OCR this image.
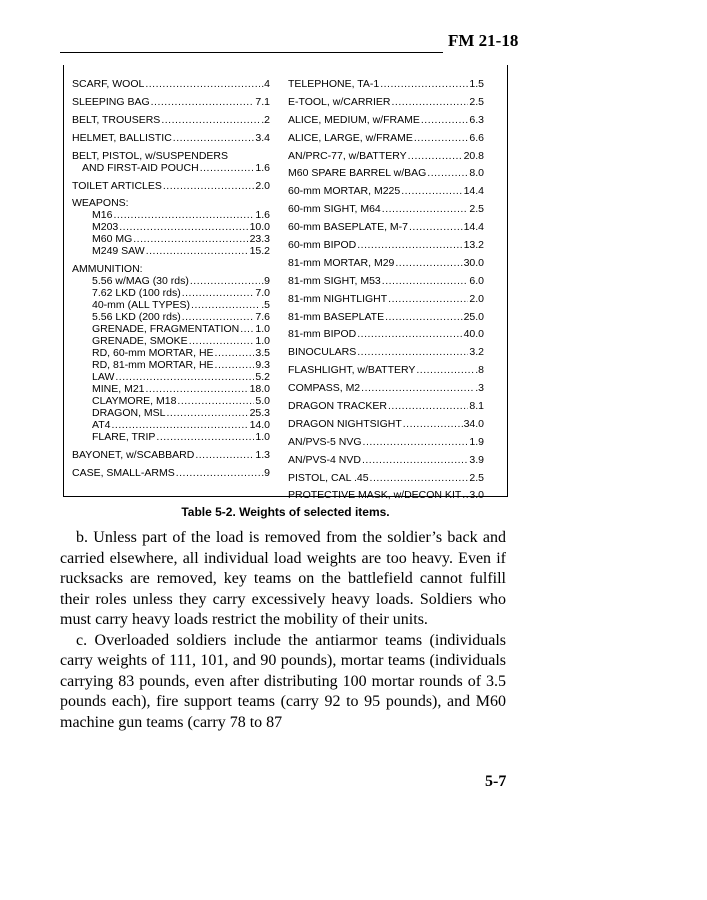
FM 21-18
SCARF, WOOL .....	.4
SLEEPING BAG .....	7.1
BELT, TROUSERS .....	.2
HELMET, BALLISTIC .....	3.4
BELT, PISTOL, w/SUSPENDERS
AND FIRST-AID POUCH .....	1.6
TOILET ARTICLES .....	2.0
WEAPONS:
M16 .....	1.6
M203 .....	10.0
M60 MG .....	23.3
M249 SAW .....	15.2
AMMUNITION:
5.56 w/MAG (30 rds) .....	.9
7.62 LKD (100 rds) .....	7.0
40-mm (ALL TYPES) .....	.5
5.56 LKD (200 rds) .....	7.6
GRENADE, FRAGMENTATION ..... 1.0
GRENADE, SMOKE .....	1.0
RD, 60-mm MORTAR, HE .....	3.5
RD, 81-mm MORTAR, HE .....	9.3
LAW .....	5.2
MINE, M21 .....	18.0
CLAYMORE, M18 .....	5.0
DRAGON, MSL .....	25.3
AT4 .....	14.0
FLARE, TRIP .....	1.0
BAYONET, w/SCABBARD .....	1.3
CASE, SMALL-ARMS .....	.9
TELEPHONE, TA-1 .....	1.5
E-TOOL, w/CARRIER .....	2.5
ALICE, MEDIUM, w/FRAME .....	6.3
ALICE, LARGE, w/FRAME .....	6.6
AN/PRC-77, w/BATTERY .....	20.8
M60 SPARE BARREL w/BAG .....	8.0
60-mm MORTAR, M225 .....	14.4
60-mm SIGHT, M64 .....	2.5
60-mm BASEPLATE, M-7 .....	14.4
60-mm BIPOD .....	13.2
81-mm MORTAR, M29 .....	30.0
81-mm SIGHT, M53 .....	6.0
81-mm NIGHTLIGHT .....	2.0
81-mm BASEPLATE .....	25.0
81-mm BIPOD .....	40.0
BINOCULARS .....	3.2
FLASHLIGHT, w/BATTERY .....	.8
COMPASS, M2 .....	.3
DRAGON TRACKER .....	8.1
DRAGON NIGHTSIGHT .....	34.0
AN/PVS-5 NVG .....	1.9
AN/PVS-4 NVD .....	3.9
PISTOL, CAL .45 .....	2.5
PROTECTIVE MASK, w/DECON KIT ..... 3.0
Table 5-2. Weights of selected items.

b. Unless part of the load is removed from the soldier’s back and carried elsewhere, all individual load weights are too heavy. Even if rucksacks are removed, key teams on the battlefield cannot fulfill their roles unless they carry excessively heavy loads. Soldiers who must carry heavy loads restrict the mobility of their units.

c. Overloaded soldiers include the antiarmor teams (individuals carry weights of 111, 101, and 90 pounds), mortar teams (individuals carrying 83 pounds, even after distributing 100 mortar rounds of 3.5 pounds each), fire support teams (carry 92 to 95 pounds), and M60 machine gun teams (carry 78 to 87

5-7
